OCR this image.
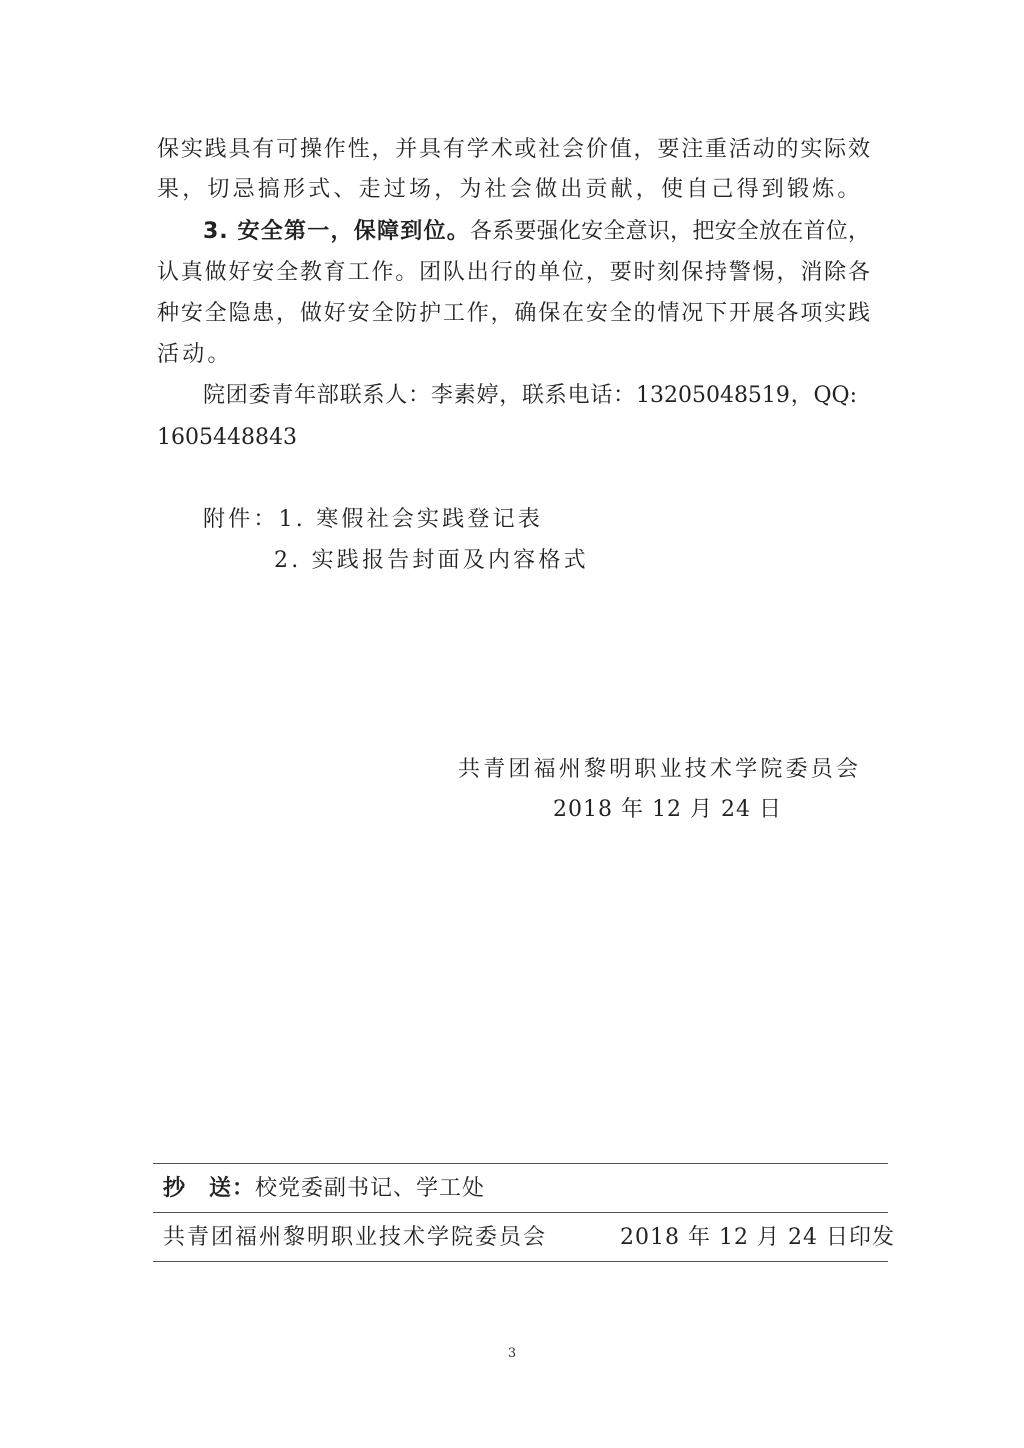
保实践具有可操作性，并具有学术或社会价值，要注重活动的实际效
果，切忌搞形式、走过场，为社会做出贡献，使自己得到锻炼。
3. 安全第一，保障到位。各系要强化安全意识，把安全放在首位，
认真做好安全教育工作。团队出行的单位，要时刻保持警惕，消除各
种安全隐患，做好安全防护工作，确保在安全的情况下开展各项实践
活动。
院团委青年部联系人：李素婷，联系电话：13205048519，QQ:
1605448843
附件：1. 寒假社会实践登记表
2. 实践报告封面及内容格式
共青团福州黎明职业技术学院委员会
2018 年 12 月 24 日
抄　送：校党委副书记、学工处
共青团福州黎明职业技术学院委员会	2018 年 12 月 24 日印发
3
